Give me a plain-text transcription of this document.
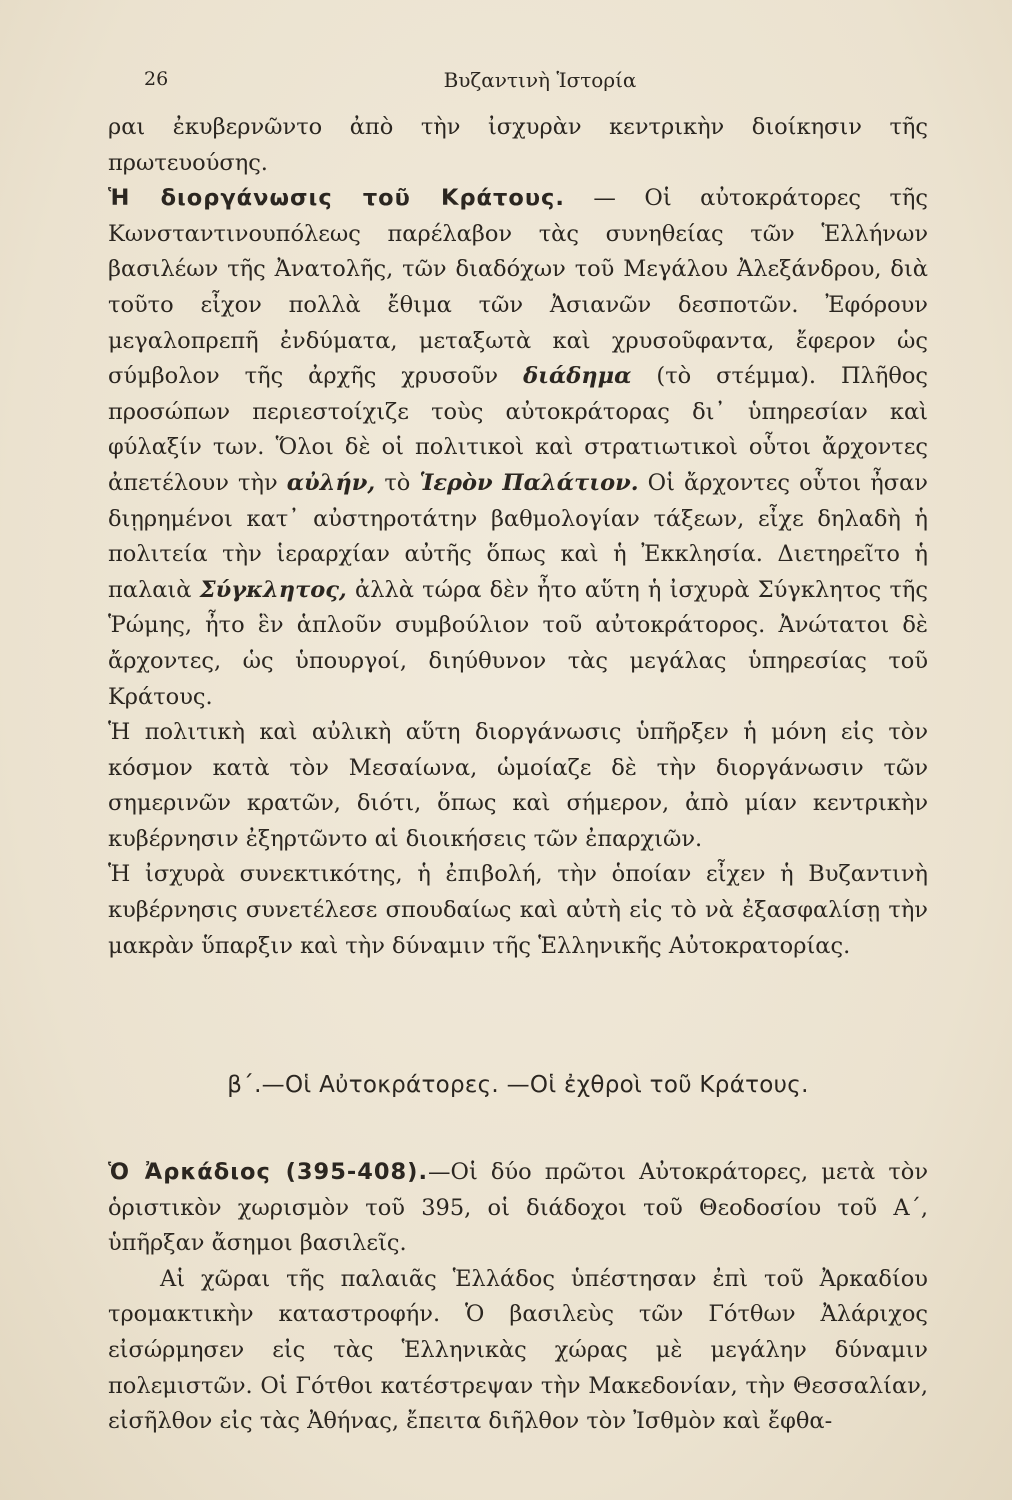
26	Βυζαντινὴ Ἱστορία

ραι ἐκυβερνῶντο ἀπὸ τὴν ἰσχυρὰν κεντρικὴν διοίκησιν τῆς πρωτευούσης.

Ἡ διοργάνωσις τοῦ Κράτους. — Οἱ αὐτοκράτορες τῆς Κωνσταντινουπόλεως παρέλαβον τὰς συνηθείας τῶν Ἑλλήνων βασιλέων τῆς Ἀνατολῆς, τῶν διαδόχων τοῦ Μεγάλου Ἀλεξάνδρου, διὰ τοῦτο εἶχον πολλὰ ἔθιμα τῶν Ἀσιανῶν δεσποτῶν. Ἐφόρουν μεγαλοπρεπῆ ἐνδύματα, μεταξωτὰ καὶ χρυσοῦφαντα, ἔφερον ὡς σύμβολον τῆς ἀρχῆς χρυσοῦν διάδημα (τὸ στέμμα). Πλῆθος προσώπων περιεστοίχιζε τοὺς αὐτοκράτορας δι᾽ ὑπηρεσίαν καὶ φύλαξίν των. Ὅλοι δὲ οἱ πολιτικοὶ καὶ στρατιωτικοὶ οὗτοι ἄρχοντες ἀπετέλουν τὴν αὐλήν, τὸ Ἱερὸν Παλάτιον. Οἱ ἄρχοντες οὗτοι ἦσαν διῃρημένοι κατ᾽ αὐστηροτάτην βαθμολογίαν τάξεων, εἶχε δηλαδὴ ἡ πολιτεία τὴν ἱεραρχίαν αὐτῆς ὅπως καὶ ἡ Ἐκκλησία. Διετηρεῖτο ἡ παλαιὰ Σύγκλητος, ἀλλὰ τώρα δὲν ἦτο αὕτη ἡ ἰσχυρὰ Σύγκλητος τῆς Ῥώμης, ἦτο ἓν ἁπλοῦν συμβούλιον τοῦ αὐτοκράτορος. Ἀνώτατοι δὲ ἄρχοντες, ὡς ὑπουργοί, διηύθυνον τὰς μεγάλας ὑπηρεσίας τοῦ Κράτους.

Ἡ πολιτικὴ καὶ αὐλικὴ αὕτη διοργάνωσις ὑπῆρξεν ἡ μόνη εἰς τὸν κόσμον κατὰ τὸν Μεσαίωνα, ὡμοίαζε δὲ τὴν διοργάνωσιν τῶν σημερινῶν κρατῶν, διότι, ὅπως καὶ σήμερον, ἀπὸ μίαν κεντρικὴν κυβέρνησιν ἐξηρτῶντο αἱ διοικήσεις τῶν ἐπαρχιῶν.

Ἡ ἰσχυρὰ συνεκτικότης, ἡ ἐπιβολή, τὴν ὁποίαν εἶχεν ἡ Βυζαντινὴ κυβέρνησις συνετέλεσε σπουδαίως καὶ αὐτὴ εἰς τὸ νὰ ἐξασφαλίσῃ τὴν μακρὰν ὕπαρξιν καὶ τὴν δύναμιν τῆς Ἑλληνικῆς Αὐτοκρατορίας.

β΄.—Οἱ Αὐτοκράτορες. —Οἱ ἐχθροὶ τοῦ Κράτους.

Ὁ Ἀρκάδιος (395-408).—Οἱ δύο πρῶτοι Αὐτοκράτορες, μετὰ τὸν ὁριστικὸν χωρισμὸν τοῦ 395, οἱ διάδοχοι τοῦ Θεοδοσίου τοῦ Α΄, ὑπῆρξαν ἄσημοι βασιλεῖς.

Αἱ χῶραι τῆς παλαιᾶς Ἑλλάδος ὑπέστησαν ἐπὶ τοῦ Ἀρκαδίου τρομακτικὴν καταστροφήν. Ὁ βασιλεὺς τῶν Γότθων Ἀλάριχος εἰσώρμησεν εἰς τὰς Ἑλληνικὰς χώρας μὲ μεγάλην δύναμιν πολεμιστῶν. Οἱ Γότθοι κατέστρεψαν τὴν Μακεδονίαν, τὴν Θεσσαλίαν, εἰσῆλθον εἰς τὰς Ἀθήνας, ἔπειτα διῆλθον τὸν Ἰσθμὸν καὶ ἔφθα-
